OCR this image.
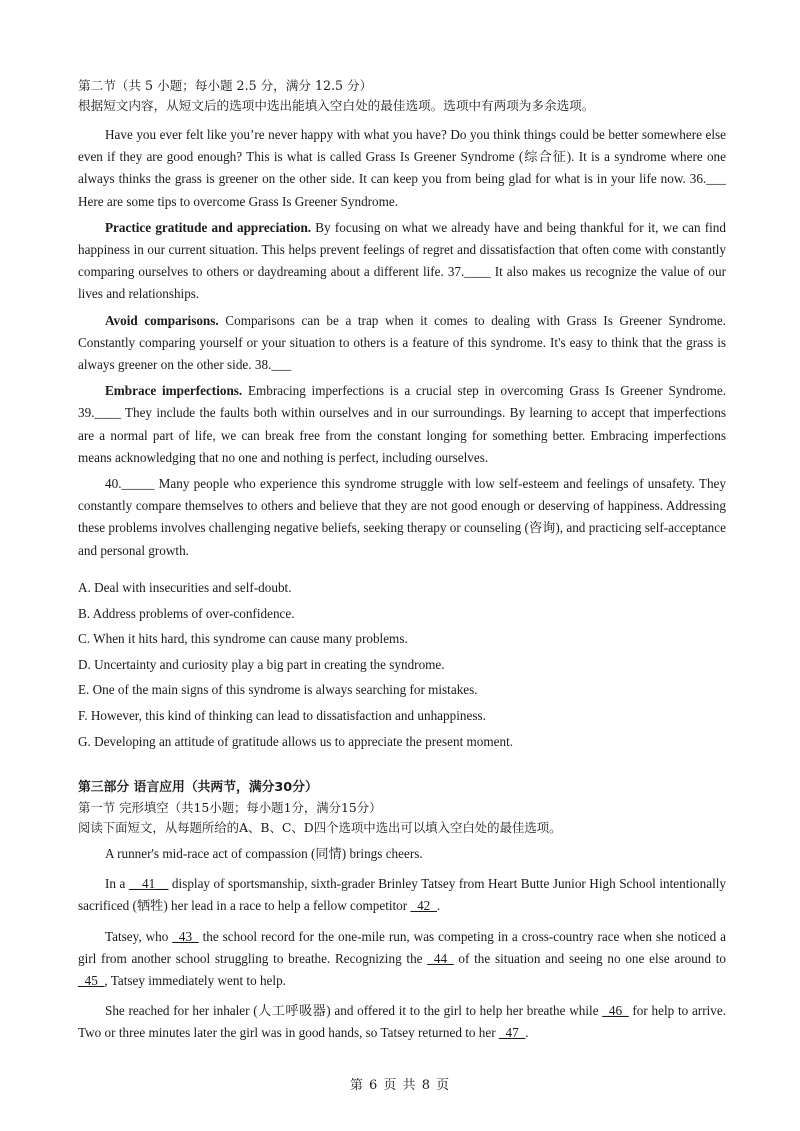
第二节（共 5 小题；每小题 2.5 分，满分 12.5 分）
根据短文内容，从短文后的选项中选出能填入空白处的最佳选项。选项中有两项为多余选项。
Have you ever felt like you’re never happy with what you have? Do you think things could be better somewhere else even if they are good enough? This is what is called Grass Is Greener Syndrome (综合征). It is a syndrome where one always thinks the grass is greener on the other side. It can keep you from being glad for what is in your life now. 36.___ Here are some tips to overcome Grass Is Greener Syndrome.
Practice gratitude and appreciation. By focusing on what we already have and being thankful for it, we can find happiness in our current situation. This helps prevent feelings of regret and dissatisfaction that often come with constantly comparing ourselves to others or daydreaming about a different life. 37.____ It also makes us recognize the value of our lives and relationships.
Avoid comparisons. Comparisons can be a trap when it comes to dealing with Grass Is Greener Syndrome. Constantly comparing yourself or your situation to others is a feature of this syndrome. It's easy to think that the grass is always greener on the other side. 38.___
Embrace imperfections. Embracing imperfections is a crucial step in overcoming Grass Is Greener Syndrome. 39.____ They include the faults both within ourselves and in our surroundings. By learning to accept that imperfections are a normal part of life, we can break free from the constant longing for something better. Embracing imperfections means acknowledging that no one and nothing is perfect, including ourselves.
40._____ Many people who experience this syndrome struggle with low self-esteem and feelings of unsafety. They constantly compare themselves to others and believe that they are not good enough or deserving of happiness. Addressing these problems involves challenging negative beliefs, seeking therapy or counseling (咨询), and practicing self-acceptance and personal growth.
A. Deal with insecurities and self-doubt.
B. Address problems of over-confidence.
C. When it hits hard, this syndrome can cause many problems.
D. Uncertainty and curiosity play a big part in creating the syndrome.
E. One of the main signs of this syndrome is always searching for mistakes.
F. However, this kind of thinking can lead to dissatisfaction and unhappiness.
G. Developing an attitude of gratitude allows us to appreciate the present moment.
第三部分 语言应用（共两节，满分30分）
第一节 完形填空（共15小题；每小题1分，满分15分）
阅读下面短文，从每题所给的A、B、C、D四个选项中选出可以填入空白处的最佳选项。
A runner's mid-race act of compassion (同情) brings cheers.
In a __41__ display of sportsmanship, sixth-grader Brinley Tatsey from Heart Butte Junior High School intentionally sacrificed (牺牲) her lead in a race to help a fellow competitor _42_.
Tatsey, who _43_ the school record for the one-mile run, was competing in a cross-country race when she noticed a girl from another school struggling to breathe. Recognizing the _44_ of the situation and seeing no one else around to _45_, Tatsey immediately went to help.
She reached for her inhaler (人工呼吸器) and offered it to the girl to help her breathe while _46_ for help to arrive. Two or three minutes later the girl was in good hands, so Tatsey returned to her _47_.
第 6 页 共 8 页
